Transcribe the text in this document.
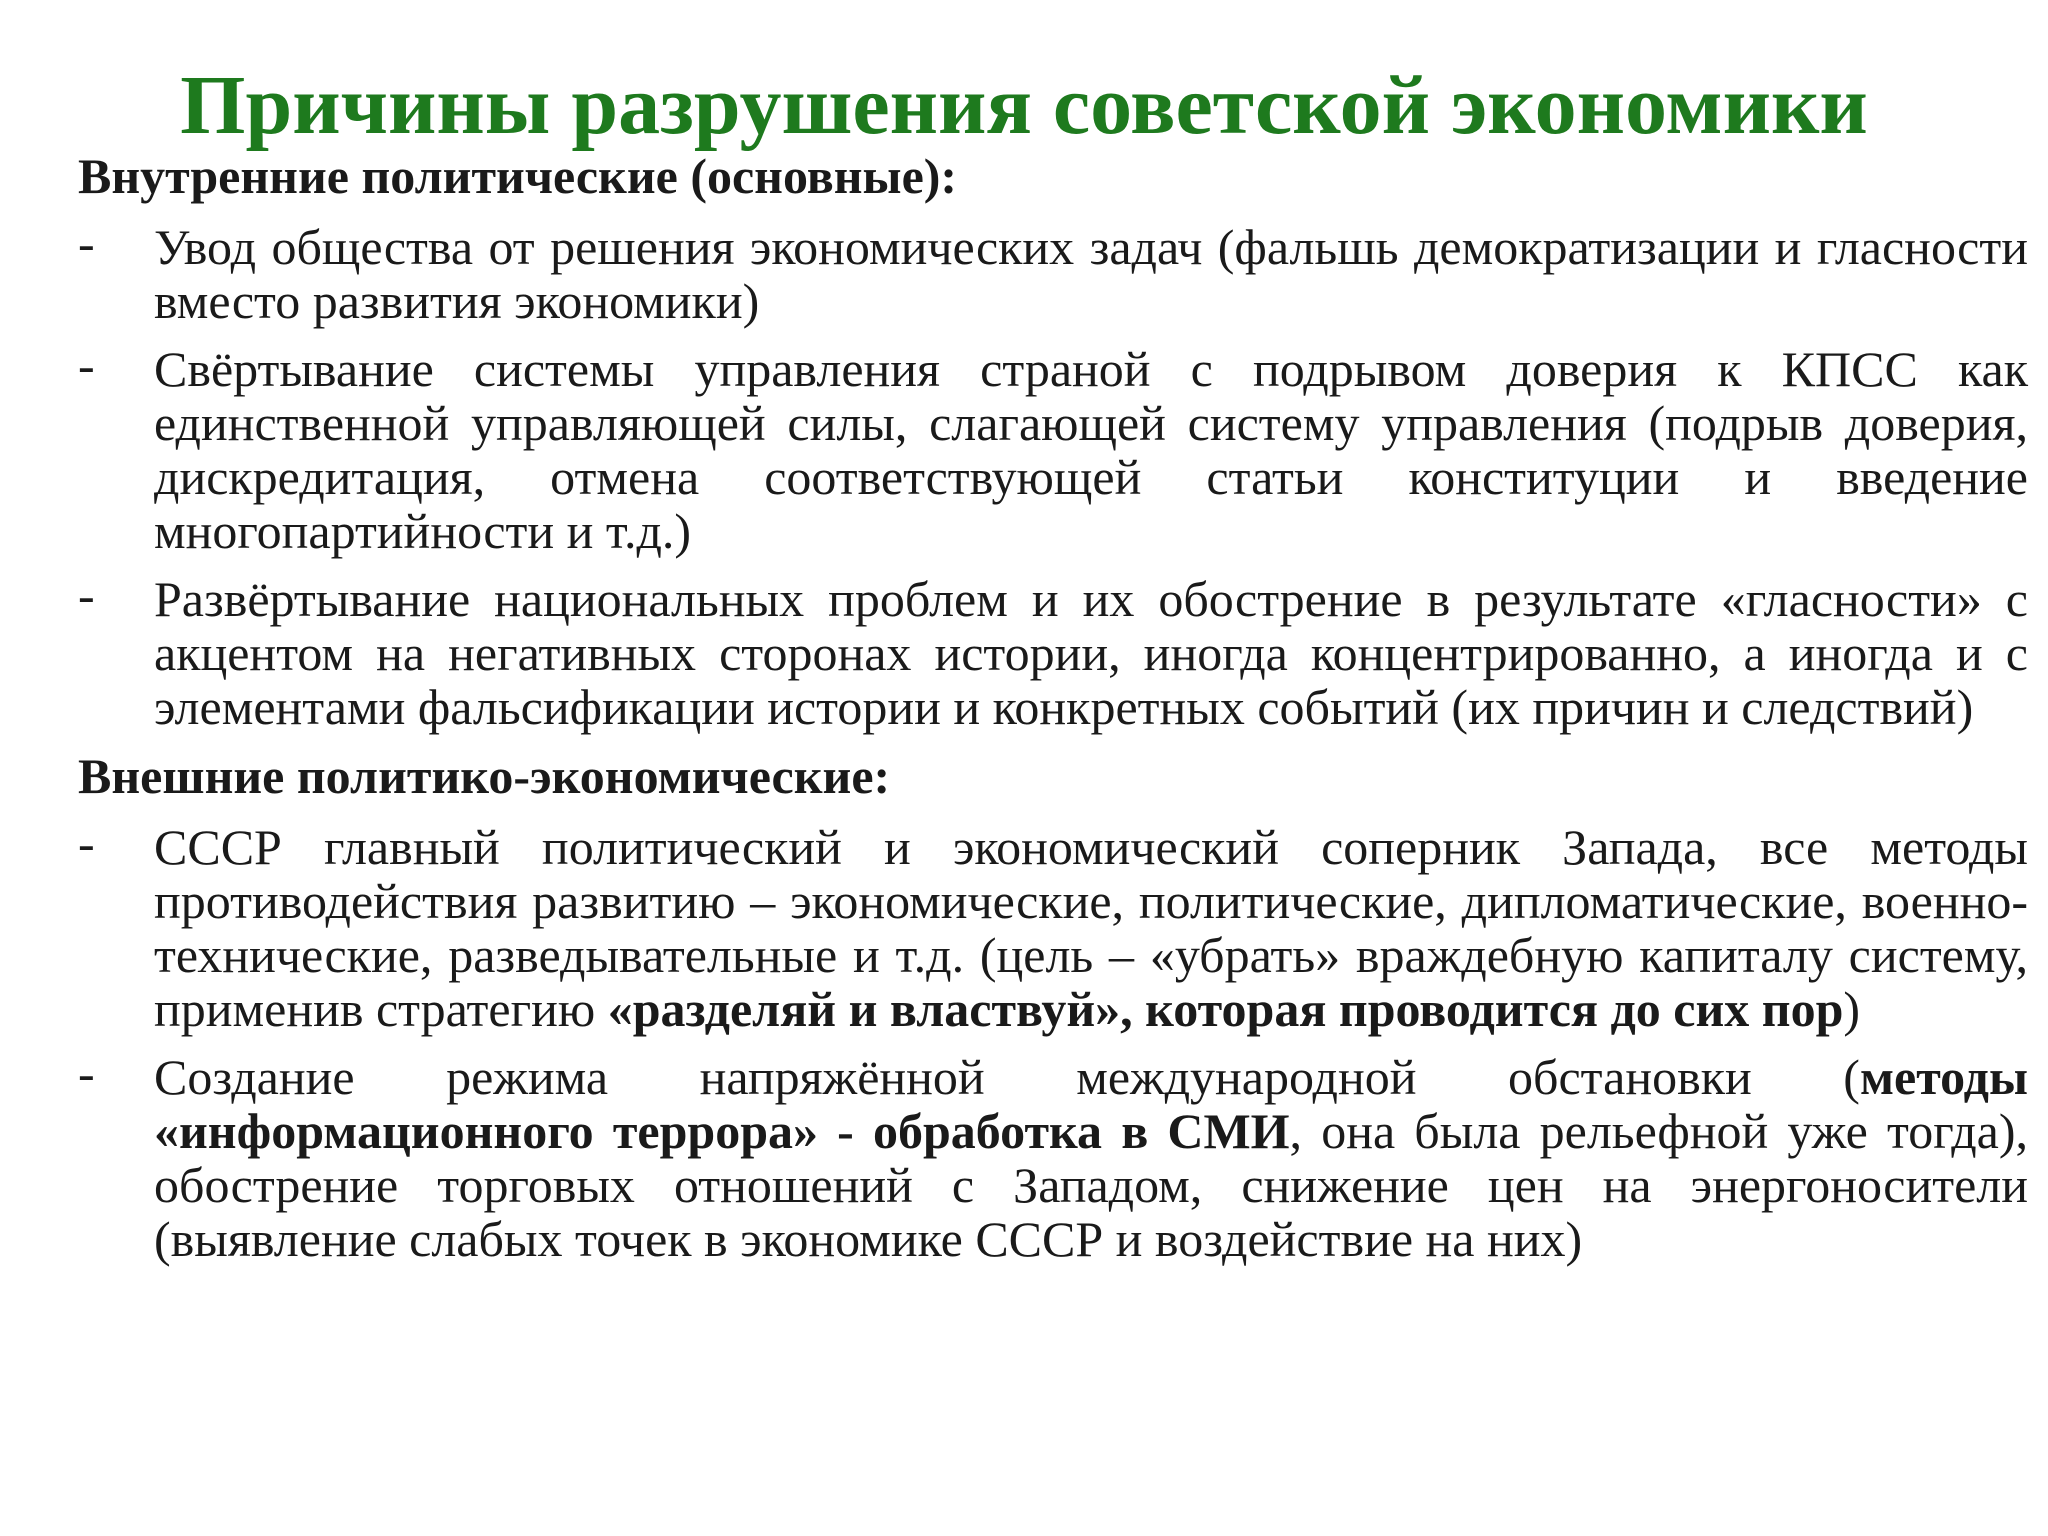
Причины разрушения советской экономики
Внутренние политические (основные):
-	Увод общества от решения экономических задач (фальшь демократизации и гласности вместо развития экономики)
-	Свёртывание системы управления страной с подрывом доверия к КПСС как единственной управляющей силы, слагающей систему управления (подрыв доверия, дискредитация, отмена соответствующей статьи конституции и введение многопартийности и т.д.)
-	Развёртывание национальных проблем и их обострение в результате «гласности» с акцентом на негативных сторонах истории, иногда концентрированно, а иногда и с элементами фальсификации истории и конкретных событий (их причин и следствий)
Внешние политико-экономические:
-	СССР главный политический и экономический соперник Запада, все методы противодействия развитию – экономические, политические, дипломатические, военно-технические, разведывательные и т.д. (цель – «убрать» враждебную капиталу систему, применив стратегию «разделяй и властвуй», которая проводится до сих пор)
-	Создание режима напряжённой международной обстановки (методы «информационного террора» - обработка в СМИ, она была рельефной уже тогда), обострение торговых отношений с Западом, снижение цен на энергоносители (выявление слабых точек в экономике СССР и воздействие на них)
